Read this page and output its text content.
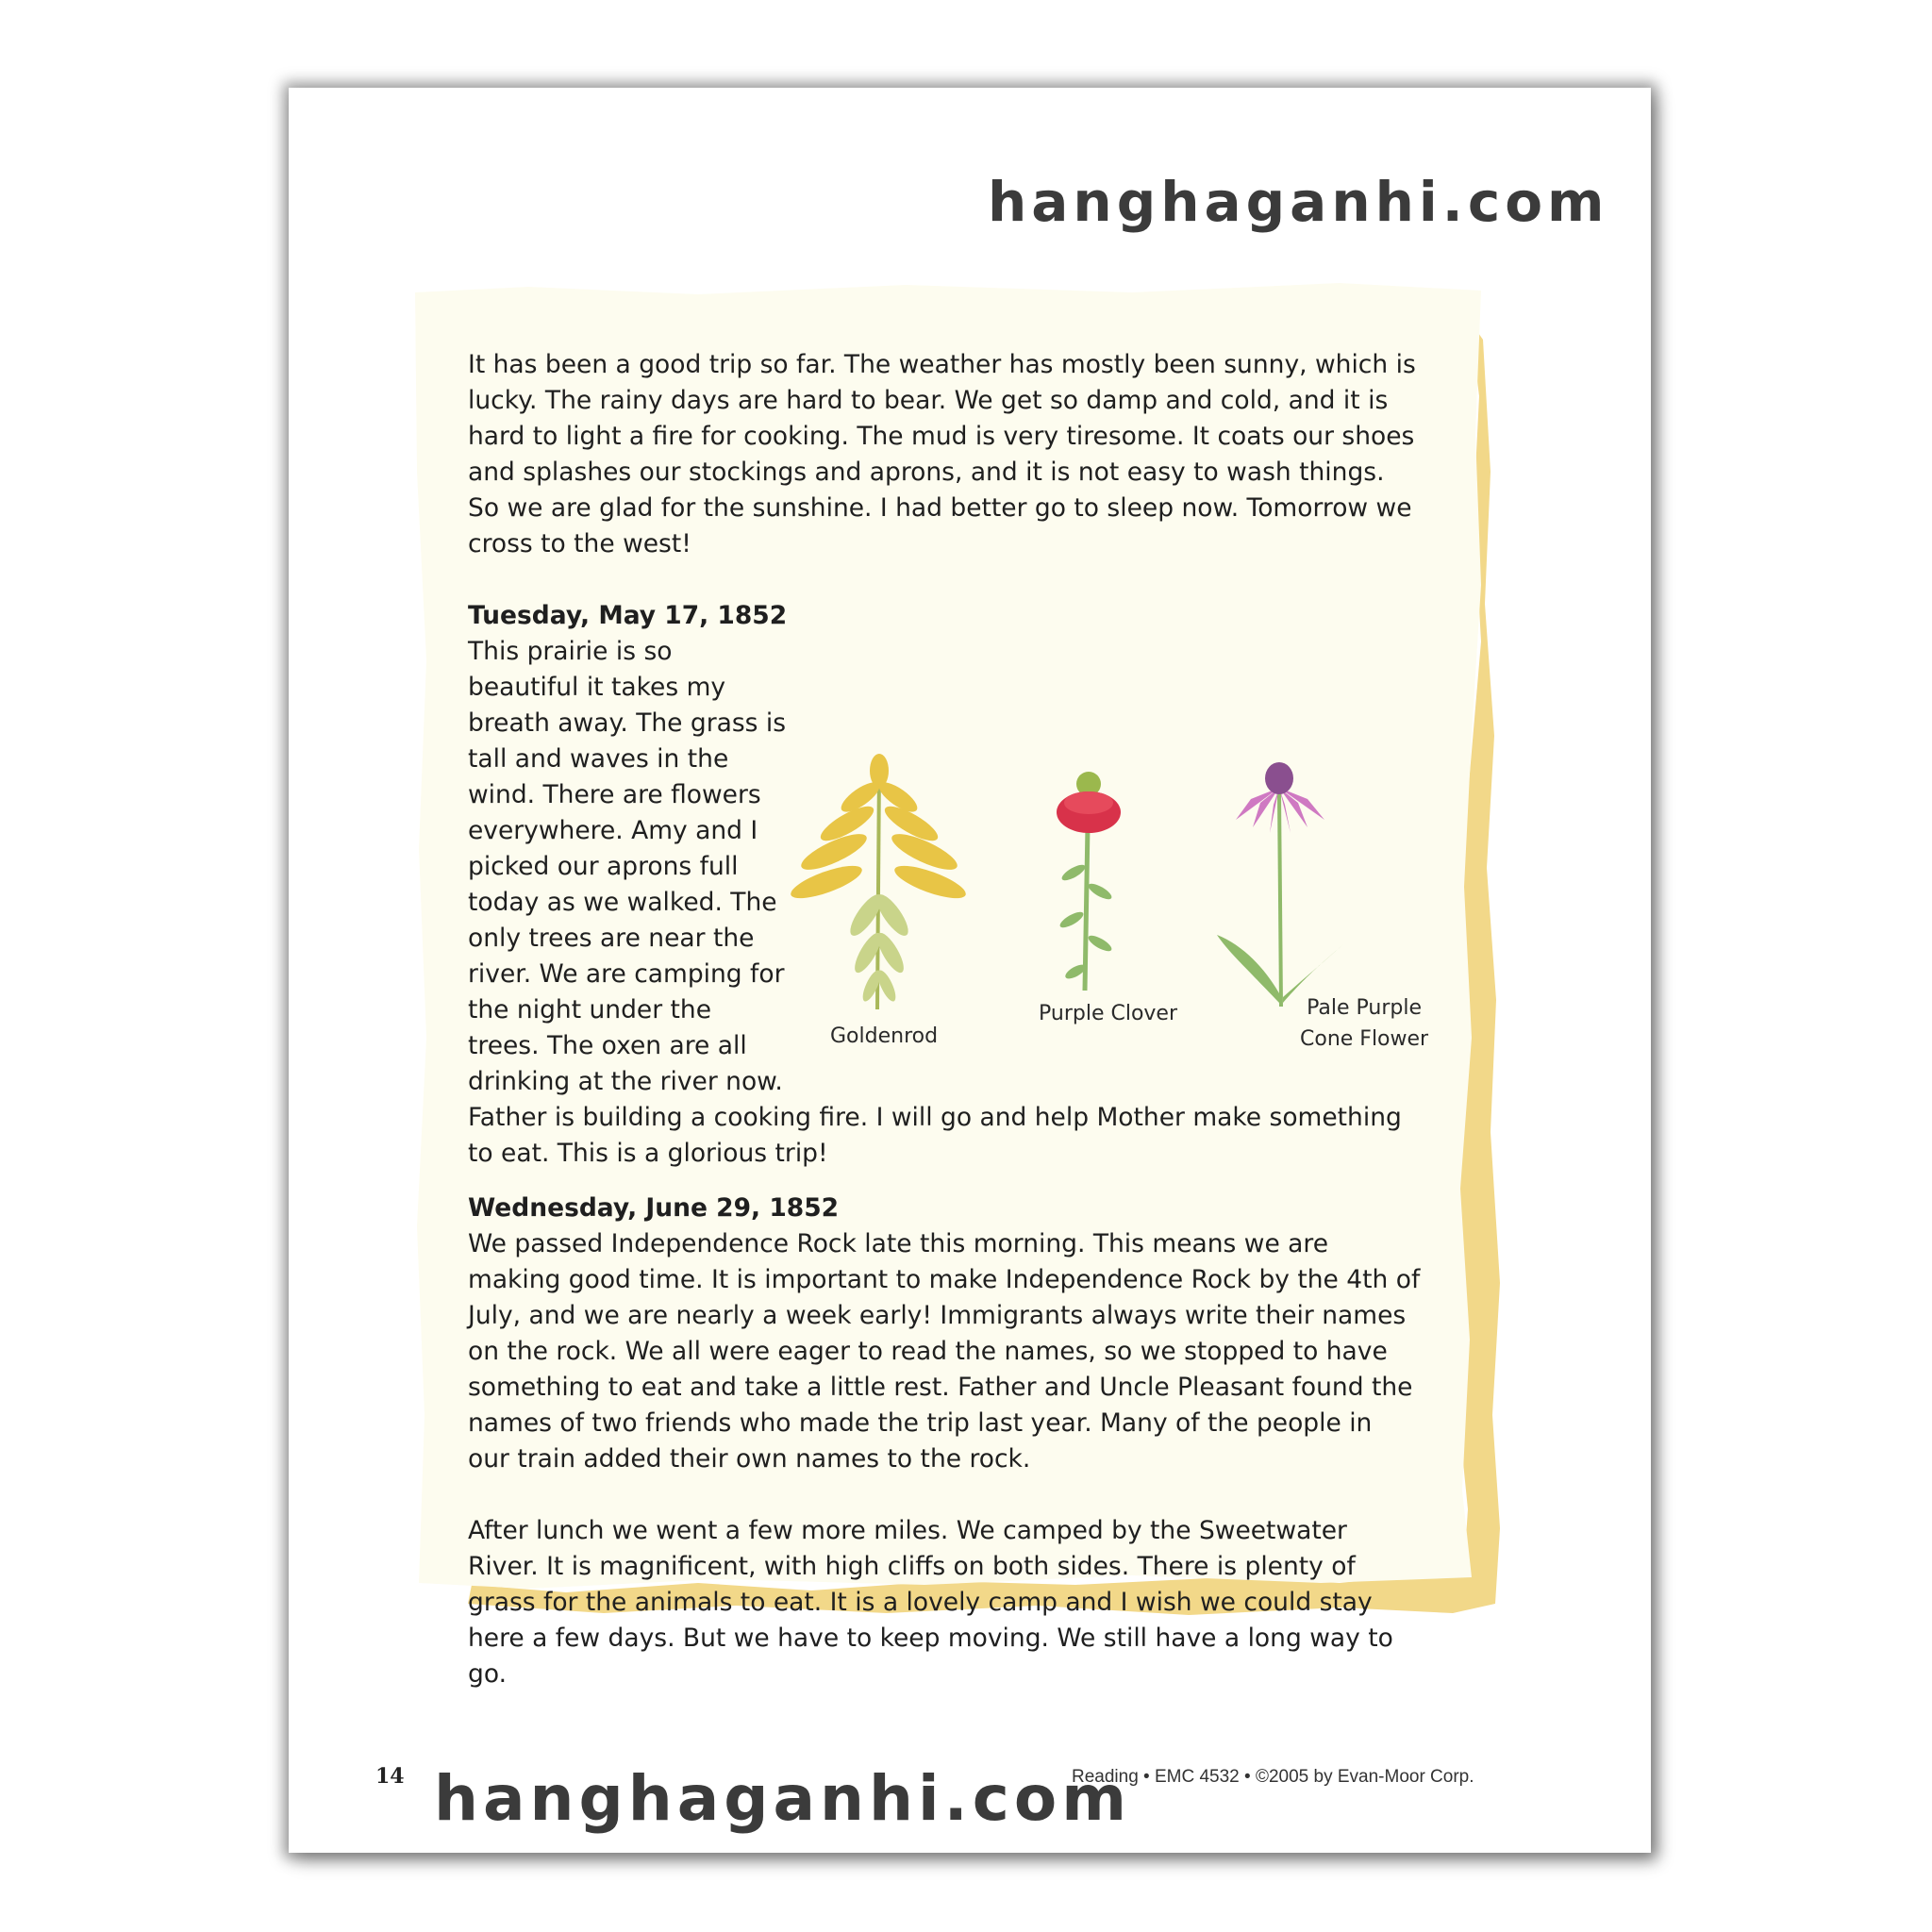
hanghaganhi.com

It has been a good trip so far. The weather has mostly been sunny, which is lucky. The rainy days are hard to bear. We get so damp and cold, and it is hard to light a fire for cooking. The mud is very tiresome. It coats our shoes and splashes our stockings and aprons, and it is not easy to wash things. So we are glad for the sunshine. I had better go to sleep now. Tomorrow we cross to the west!

Tuesday, May 17, 1852

This prairie is so beautiful it takes my breath away. The grass is tall and waves in the wind. There are flowers everywhere. Amy and I picked our aprons full today as we walked. The only trees are near the river. We are camping for the night under the trees. The oxen are all drinking at the river now. Father is building a cooking fire. I will go and help Mother make something to eat. This is a glorious trip!

Wednesday, June 29, 1852

We passed Independence Rock late this morning. This means we are making good time. It is important to make Independence Rock by the 4th of July, and we are nearly a week early! Immigrants always write their names on the rock. We all were eager to read the names, so we stopped to have something to eat and take a little rest. Father and Uncle Pleasant found the names of two friends who made the trip last year. Many of the people in our train added their own names to the rock.

After lunch we went a few more miles. We camped by the Sweetwater River. It is magnificent, with high cliffs on both sides. There is plenty of grass for the animals to eat. It is a lovely camp and I wish we could stay here a few days. But we have to keep moving. We still have a long way to go.

Goldenrod
Purple Clover	Pale Purple
Cone Flower
14 hanghaganhi.com
Reading • EMC 4532 • ©2005 by Evan-Moor Corp.
